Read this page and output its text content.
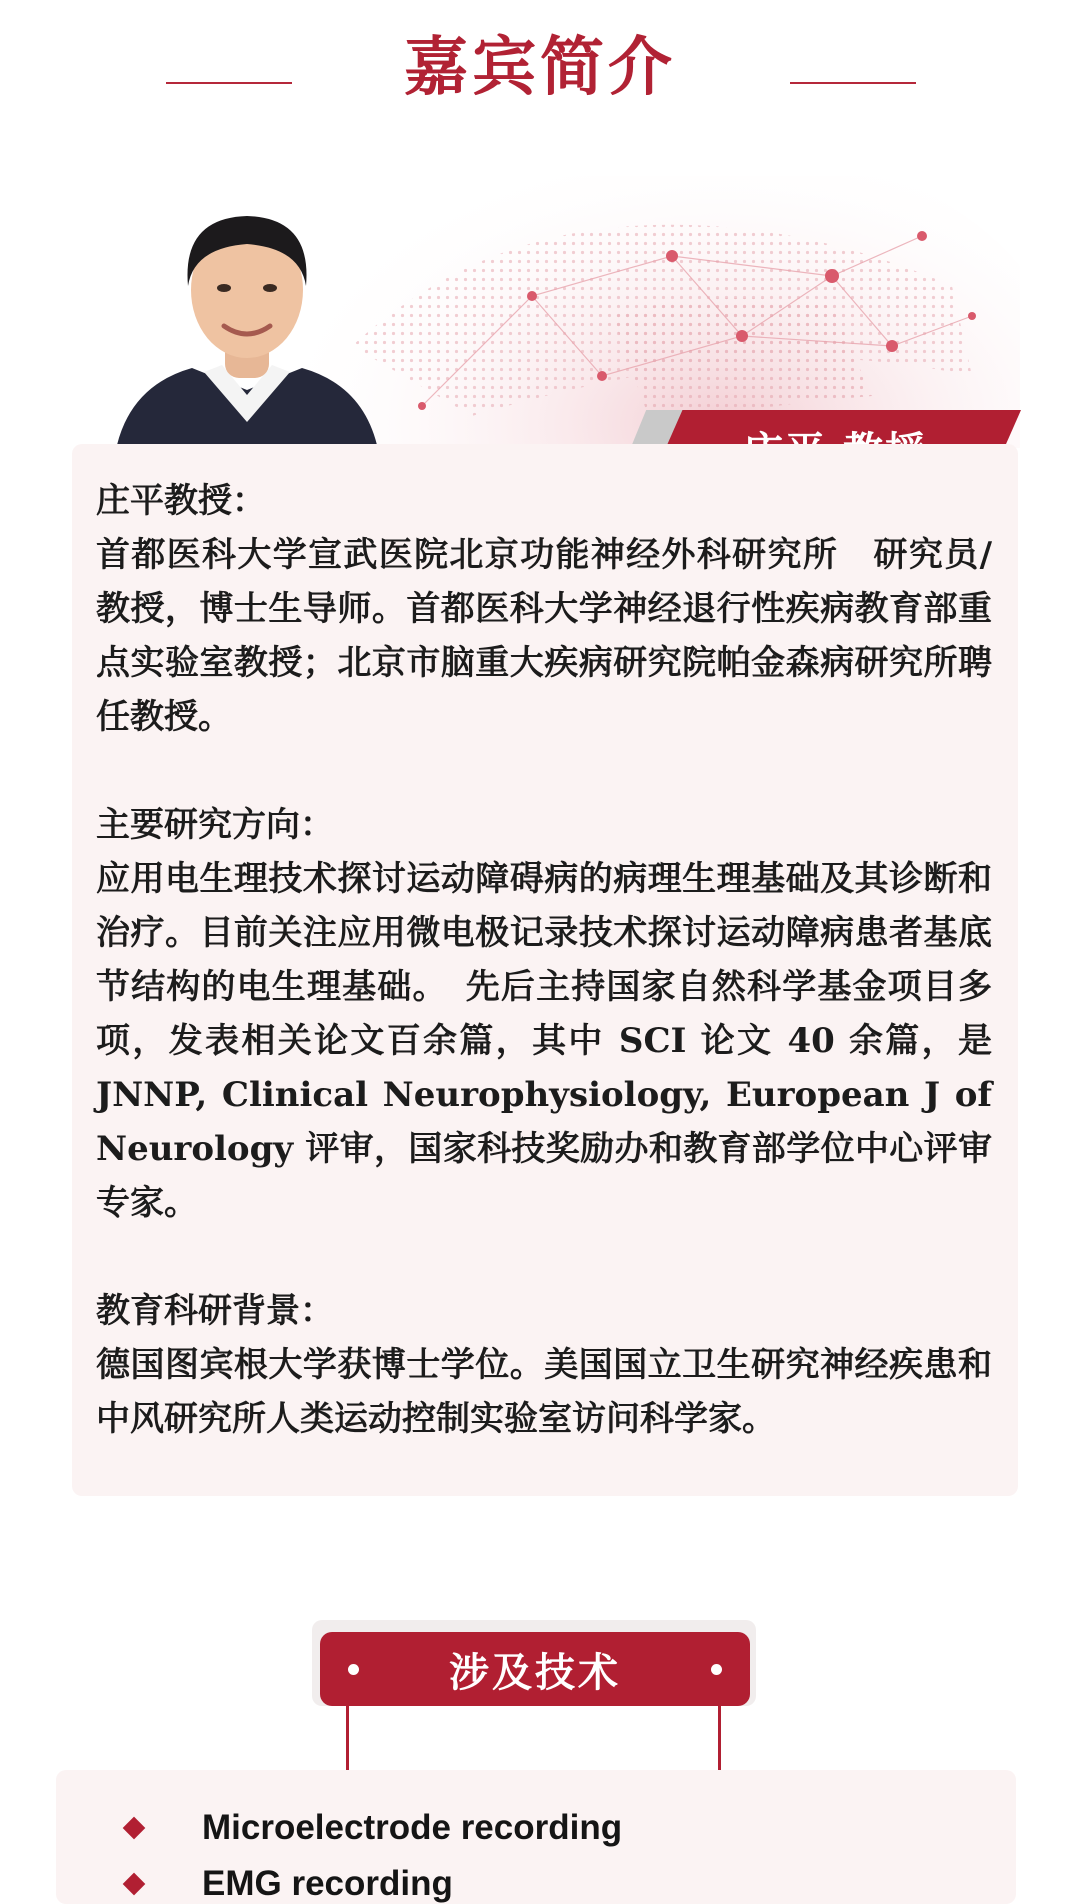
嘉宾简介
庄平教授：
首都医科大学宣武医院北京功能神经外科研究所　研究员/教授，博士生导师。首都医科大学神经退行性疾病教育部重点实验室教授；北京市脑重大疾病研究院帕金森病研究所聘任教授。
主要研究方向：
应用电生理技术探讨运动障碍病的病理生理基础及其诊断和治疗。目前关注应用微电极记录技术探讨运动障病患者基底节结构的电生理基础。　先后主持国家自然科学基金项目多项，发表相关论文百余篇，其中 SCI 论文 40 余篇，是 JNNP, Clinical Neurophysiology, European J of Neurology 评审，国家科技奖励办和教育部学位中心评审专家。
教育科研背景：
德国图宾根大学获博士学位。美国国立卫生研究神经疾患和中风研究所人类运动控制实验室访问科学家。
涉及技术
Microelectrode recording
EMG recording
